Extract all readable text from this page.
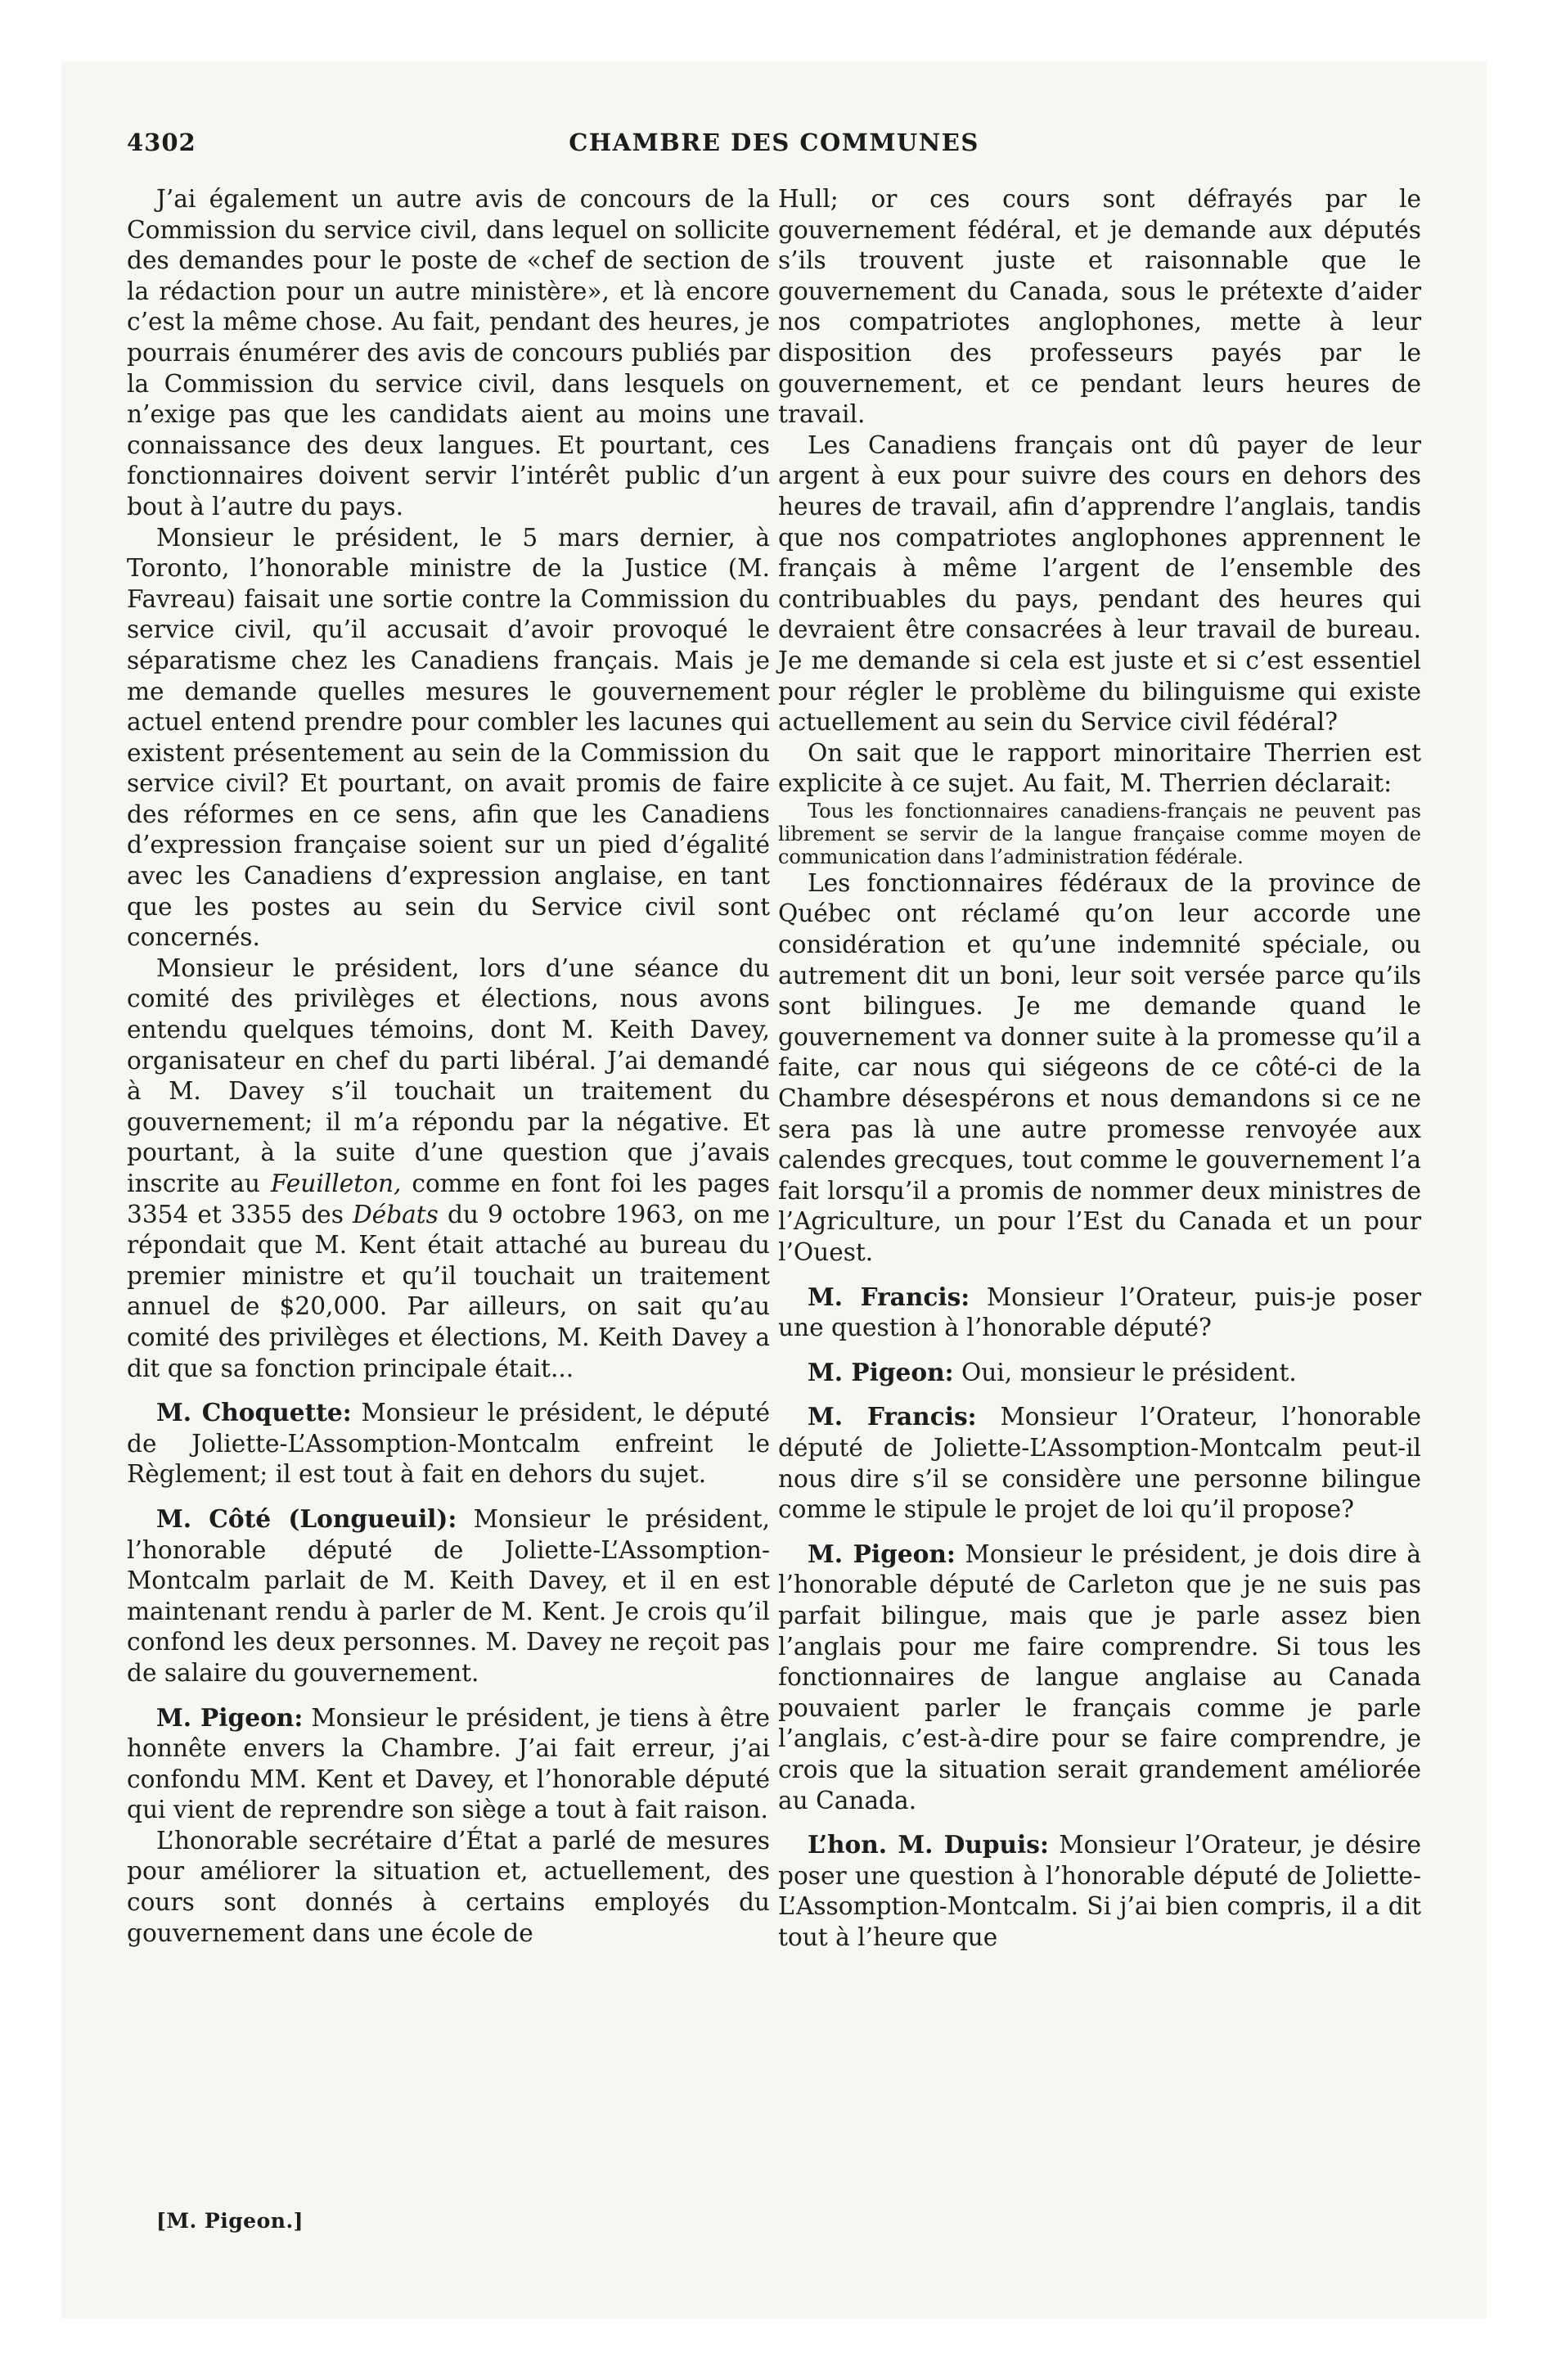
4302	CHAMBRE DES COMMUNES

J’ai également un autre avis de concours de la Commission du service civil, dans lequel on sollicite des demandes pour le poste de «chef de section de la rédaction pour un autre ministère», et là encore c’est la même chose. Au fait, pendant des heures, je pourrais énumérer des avis de concours publiés par la Commission du service civil, dans lesquels on n’exige pas que les candidats aient au moins une connaissance des deux langues. Et pourtant, ces fonctionnaires doivent servir l’intérêt public d’un bout à l’autre du pays.

Monsieur le président, le 5 mars dernier, à Toronto, l’honorable ministre de la Justice (M. Favreau) faisait une sortie contre la Commission du service civil, qu’il accusait d’avoir provoqué le séparatisme chez les Canadiens français. Mais je me demande quelles mesures le gouvernement actuel entend prendre pour combler les lacunes qui existent présentement au sein de la Commission du service civil? Et pourtant, on avait promis de faire des réformes en ce sens, afin que les Canadiens d’expression française soient sur un pied d’égalité avec les Canadiens d’expression anglaise, en tant que les postes au sein du Service civil sont concernés.

Monsieur le président, lors d’une séance du comité des privilèges et élections, nous avons entendu quelques témoins, dont M. Keith Davey, organisateur en chef du parti libéral. J’ai demandé à M. Davey s’il touchait un traitement du gouvernement; il m’a répondu par la négative. Et pourtant, à la suite d’une question que j’avais inscrite au Feuilleton, comme en font foi les pages 3354 et 3355 des Débats du 9 octobre 1963, on me répondait que M. Kent était attaché au bureau du premier ministre et qu’il touchait un traitement annuel de $20,000. Par ailleurs, on sait qu’au comité des privilèges et élections, M. Keith Davey a dit que sa fonction principale était...

M. Choquette: Monsieur le président, le député de Joliette-L’Assomption-Montcalm enfreint le Règlement; il est tout à fait en dehors du sujet.

M. Côté (Longueuil): Monsieur le président, l’honorable député de Joliette-L’Assomption-Montcalm parlait de M. Keith Davey, et il en est maintenant rendu à parler de M. Kent. Je crois qu’il confond les deux personnes. M. Davey ne reçoit pas de salaire du gouvernement.

M. Pigeon: Monsieur le président, je tiens à être honnête envers la Chambre. J’ai fait erreur, j’ai confondu MM. Kent et Davey, et l’honorable député qui vient de reprendre son siège a tout à fait raison.

L’honorable secrétaire d’État a parlé de mesures pour améliorer la situation et, actuellement, des cours sont donnés à certains employés du gouvernement dans une école de

Hull; or ces cours sont défrayés par le gouvernement fédéral, et je demande aux députés s’ils trouvent juste et raisonnable que le gouvernement du Canada, sous le prétexte d’aider nos compatriotes anglophones, mette à leur disposition des professeurs payés par le gouvernement, et ce pendant leurs heures de travail.

Les Canadiens français ont dû payer de leur argent à eux pour suivre des cours en dehors des heures de travail, afin d’apprendre l’anglais, tandis que nos compatriotes anglophones apprennent le français à même l’argent de l’ensemble des contribuables du pays, pendant des heures qui devraient être consacrées à leur travail de bureau. Je me demande si cela est juste et si c’est essentiel pour régler le problème du bilinguisme qui existe actuellement au sein du Service civil fédéral?

On sait que le rapport minoritaire Therrien est explicite à ce sujet. Au fait, M. Therrien déclarait:

Tous les fonctionnaires canadiens-français ne peuvent pas librement se servir de la langue française comme moyen de communication dans l’administration fédérale.

Les fonctionnaires fédéraux de la province de Québec ont réclamé qu’on leur accorde une considération et qu’une indemnité spéciale, ou autrement dit un boni, leur soit versée parce qu’ils sont bilingues. Je me demande quand le gouvernement va donner suite à la promesse qu’il a faite, car nous qui siégeons de ce côté-ci de la Chambre désespérons et nous demandons si ce ne sera pas là une autre promesse renvoyée aux calendes grecques, tout comme le gouvernement l’a fait lorsqu’il a promis de nommer deux ministres de l’Agriculture, un pour l’Est du Canada et un pour l’Ouest.

M. Francis: Monsieur l’Orateur, puis-je poser une question à l’honorable député?

M. Pigeon: Oui, monsieur le président.

M. Francis: Monsieur l’Orateur, l’honorable député de Joliette-L’Assomption-Montcalm peut-il nous dire s’il se considère une personne bilingue comme le stipule le projet de loi qu’il propose?

M. Pigeon: Monsieur le président, je dois dire à l’honorable député de Carleton que je ne suis pas parfait bilingue, mais que je parle assez bien l’anglais pour me faire comprendre. Si tous les fonctionnaires de langue anglaise au Canada pouvaient parler le français comme je parle l’anglais, c’est-à-dire pour se faire comprendre, je crois que la situation serait grandement améliorée au Canada.

L’hon. M. Dupuis: Monsieur l’Orateur, je désire poser une question à l’honorable député de Joliette-L’Assomption-Montcalm. Si j’ai bien compris, il a dit tout à l’heure que

[M. Pigeon.]
